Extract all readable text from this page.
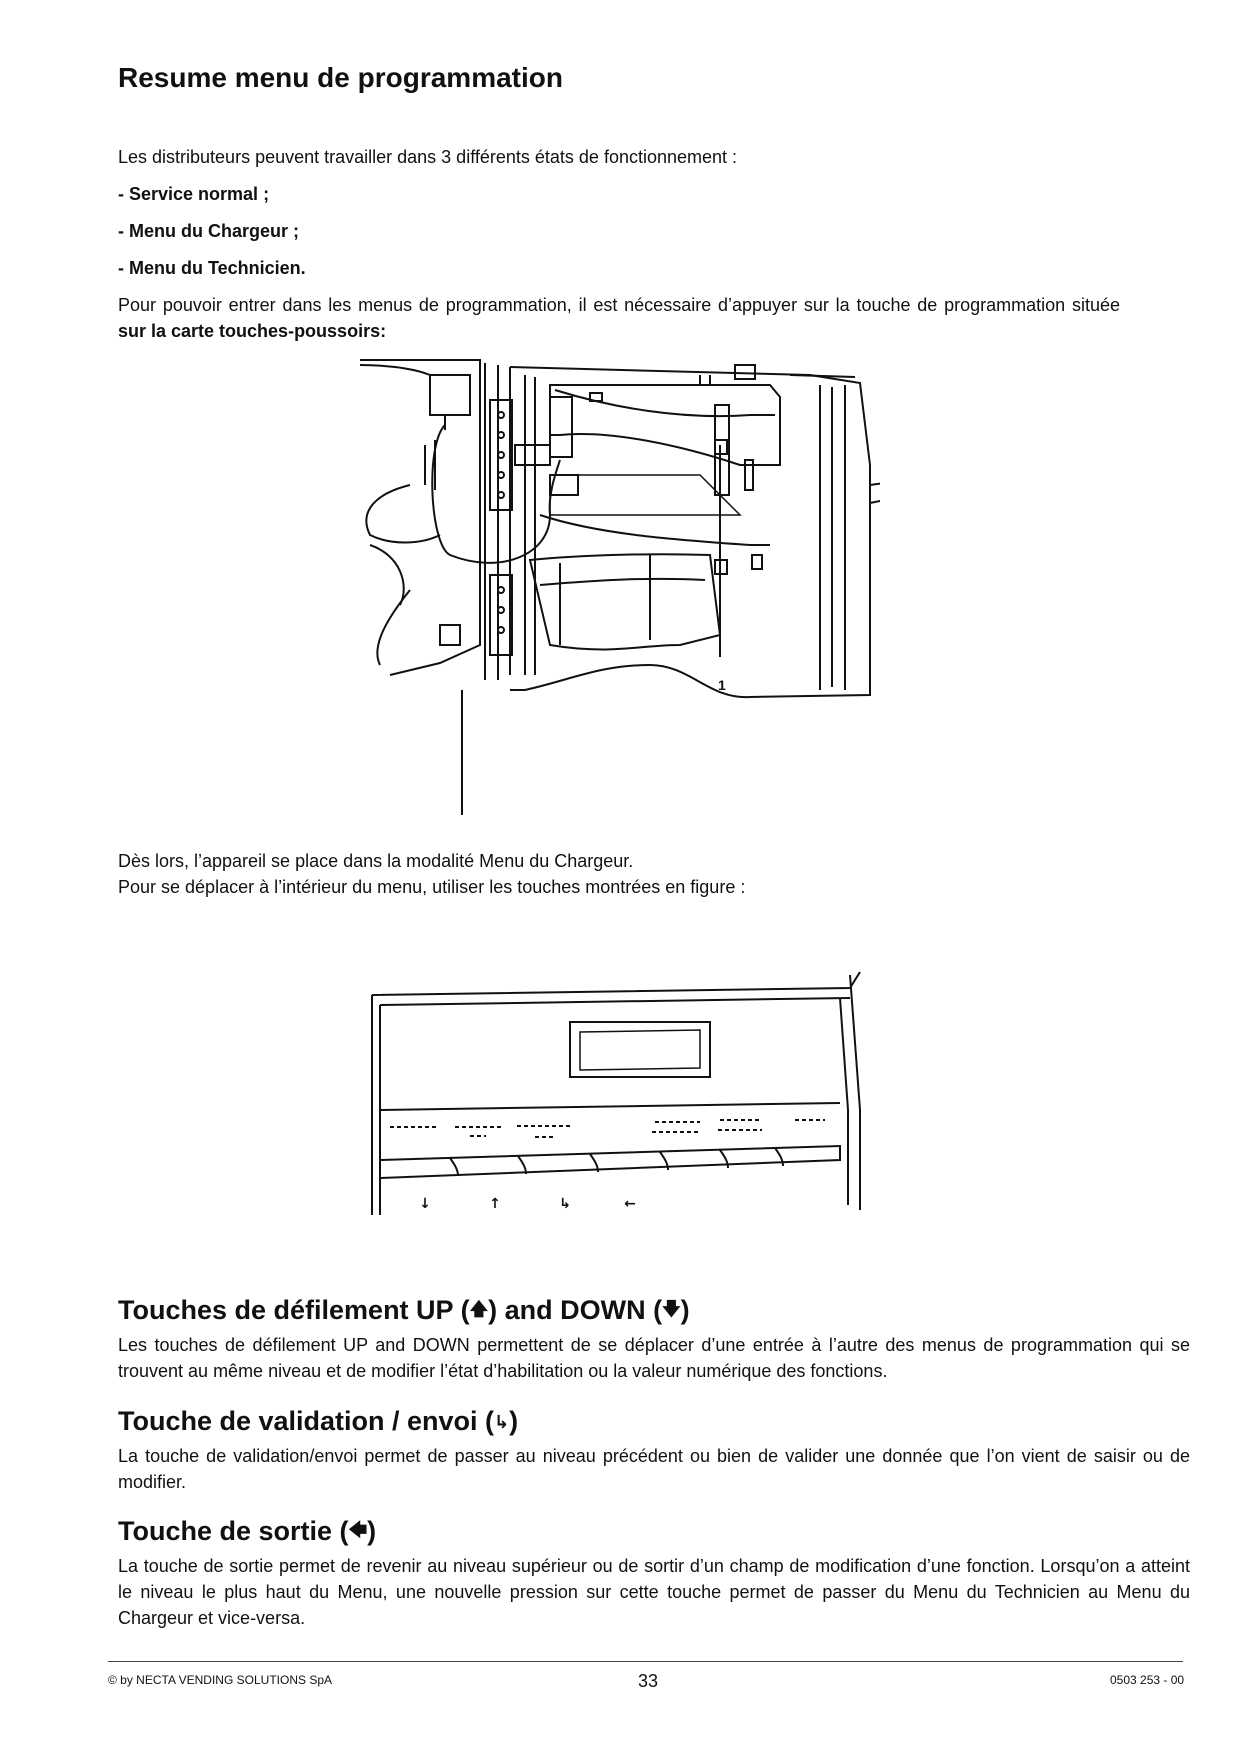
Resume menu de programmation

Les distributeurs peuvent travailler dans 3 différents états de fonctionnement :

- Service normal ;

- Menu du Chargeur ;

- Menu du Technicien.

Pour pouvoir entrer dans les menus de programmation, il est nécessaire d’appuyer sur la touche de programmation située sur la carte touches-poussoirs:

1

Dès lors, l’appareil se place dans la modalité Menu du Chargeur.

Pour se déplacer à l’intérieur du menu, utiliser les touches montrées en figure :

↓	↑	↳	←
Touches de défilement UP (🡅) and DOWN (🡇)

Les touches de défilement UP and DOWN permettent de se déplacer d’une entrée à l’autre des menus de programmation qui se trouvent au même niveau et de modifier l’état d’habilitation ou la valeur numérique des fonctions.

Touche de validation / envoi (↳)

La touche de validation/envoi permet de passer au niveau précédent ou bien de valider une donnée que l’on vient de saisir ou de modifier.

Touche de sortie (🡄)

La touche de sortie permet de revenir au niveau supérieur ou de sortir d’un champ de modification d’une fonction. Lorsqu’on a atteint le niveau le plus haut du Menu, une nouvelle pression sur cette touche permet de passer du Menu du Technicien au Menu du Chargeur et vice-versa.

© by NECTA VENDING SOLUTIONS SpA	33	0503 253 - 00
